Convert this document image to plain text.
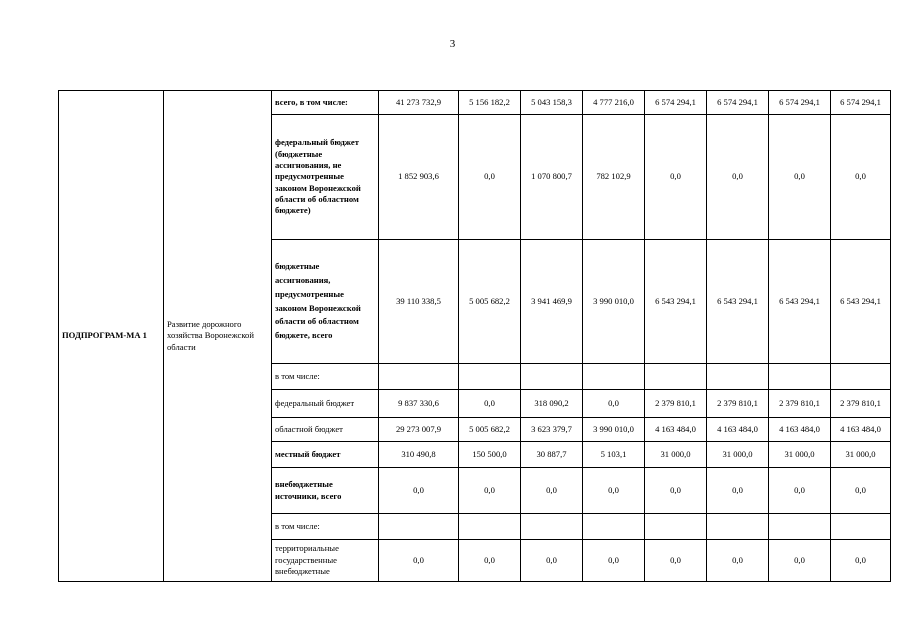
3
ПОДПРОГРАМ-МА 1	Развитие дорожного хозяйства Воронежской области	всего, в том числе:	41 273 732,9	5 156 182,2	5 043 158,3	4 777 216,0	6 574 294,1	6 574 294,1	6 574 294,1	6 574 294,1
		федеральный бюджет (бюджетные ассигнования, не предусмотренные законом Воронежской области об областном бюджете)	1 852 903,6	0,0	1 070 800,7	782 102,9	0,0	0,0	0,0	0,0
		бюджетные ассигнования, предусмотренные законом Воронежской области об областном бюджете, всего	39 110 338,5	5 005 682,2	3 941 469,9	3 990 010,0	6 543 294,1	6 543 294,1	6 543 294,1	6 543 294,1
		в том числе:								
		федеральный бюджет	9 837 330,6	0,0	318 090,2	0,0	2 379 810,1	2 379 810,1	2 379 810,1	2 379 810,1
		областной бюджет	29 273 007,9	5 005 682,2	3 623 379,7	3 990 010,0	4 163 484,0	4 163 484,0	4 163 484,0	4 163 484,0
		местный бюджет	310 490,8	150 500,0	30 887,7	5 103,1	31 000,0	31 000,0	31 000,0	31 000,0
		внебюджетные источники, всего	0,0	0,0	0,0	0,0	0,0	0,0	0,0	0,0
		в том числе:								
		территориальные государственные внебюджетные	0,0	0,0	0,0	0,0	0,0	0,0	0,0	0,0
